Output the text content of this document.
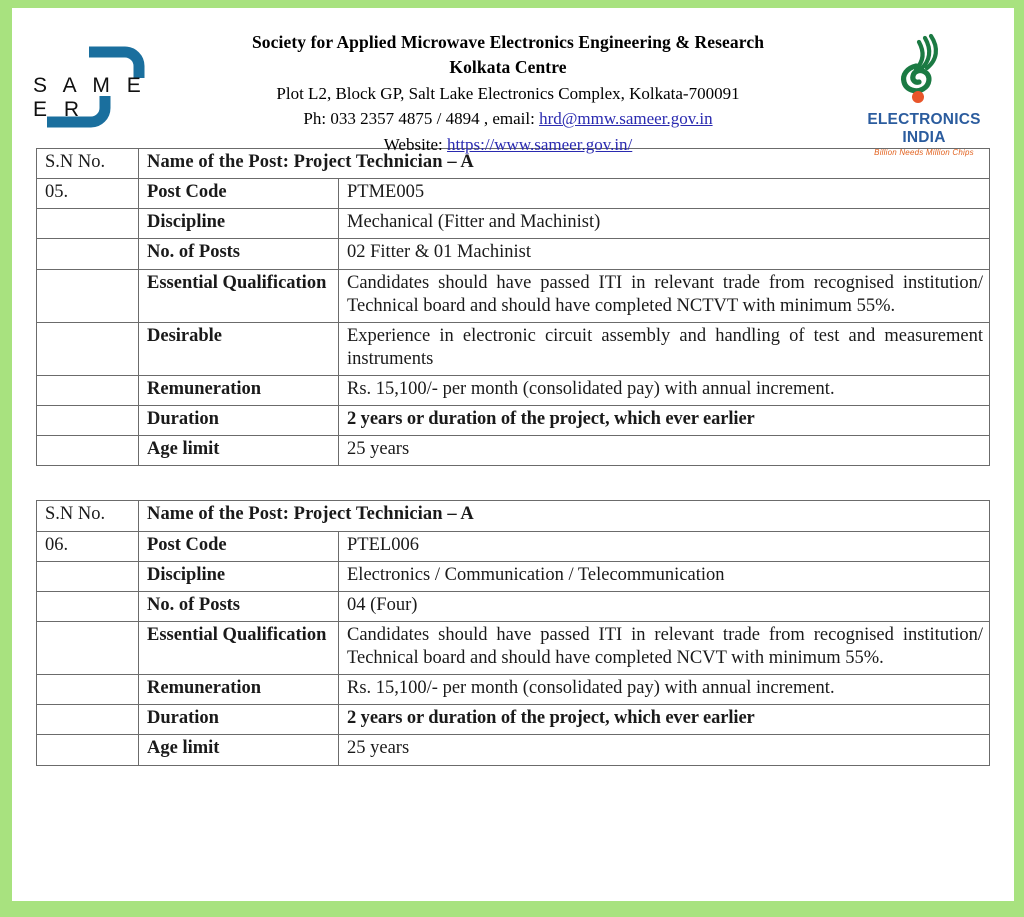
S A M E E R
Society for Applied Microwave Electronics Engineering & Research
Kolkata Centre
Plot L2, Block GP, Salt Lake Electronics Complex, Kolkata-700091
Ph: 033 2357 4875 / 4894 , email: hrd@mmw.sameer.gov.in
Website: https://www.sameer.gov.in/
ELECTRONICS INDIA
Billion Needs Million Chips
S.N No.	Name of the Post: Project Technician – A	
05.	Post Code	PTME005
	Discipline	Mechanical (Fitter and Machinist)
	No. of Posts	02 Fitter & 01 Machinist
	Essential Qualification	Candidates should have passed ITI in relevant trade from recognised institution/ Technical board and should have completed NCTVT with minimum 55%.
	Desirable	Experience in electronic circuit assembly and handling of test and measurement instruments
	Remuneration	Rs. 15,100/- per month (consolidated pay) with annual increment.
	Duration	2 years or duration of the project, which ever earlier
	Age limit	25 years
S.N No.	Name of the Post: Project Technician – A	
06.	Post Code	PTEL006
	Discipline	Electronics / Communication / Telecommunication
	No. of Posts	04 (Four)
	Essential Qualification	Candidates should have passed ITI in relevant trade from recognised institution/ Technical board and should have completed NCVT with minimum 55%.
	Remuneration	Rs. 15,100/- per month (consolidated pay) with annual increment.
	Duration	2 years or duration of the project, which ever earlier
	Age limit	25 years
